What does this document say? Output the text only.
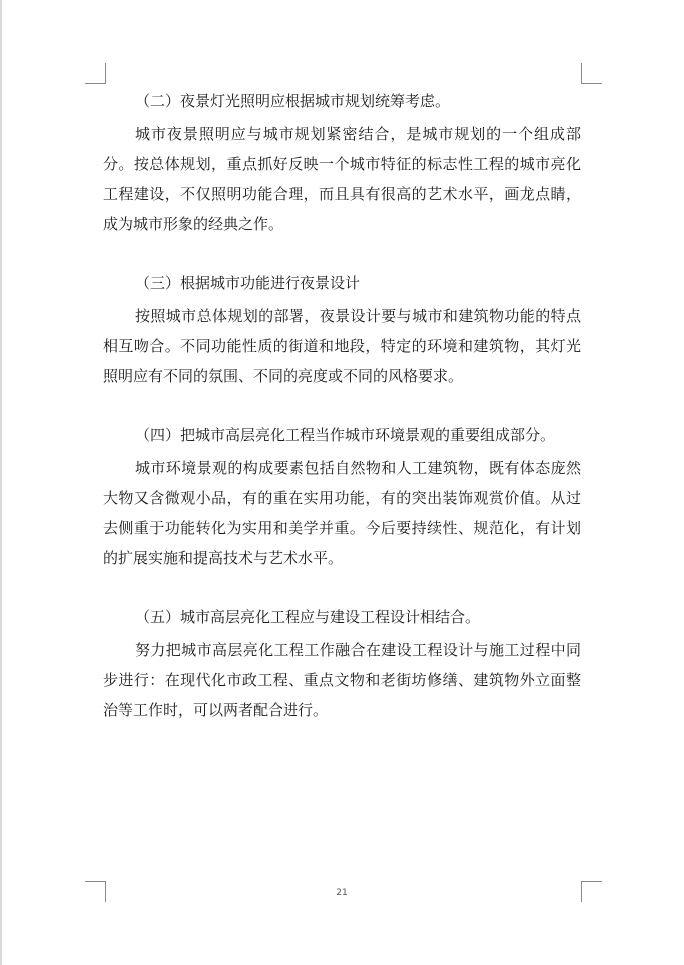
（二）夜景灯光照明应根据城市规划统筹考虑。

城市夜景照明应与城市规划紧密结合，是城市规划的一个组成部分。按总体规划，重点抓好反映一个城市特征的标志性工程的城市亮化工程建设，不仅照明功能合理，而且具有很高的艺术水平，画龙点睛，成为城市形象的经典之作。

（三）根据城市功能进行夜景设计

按照城市总体规划的部署，夜景设计要与城市和建筑物功能的特点相互吻合。不同功能性质的街道和地段，特定的环境和建筑物，其灯光照明应有不同的氛围、不同的亮度或不同的风格要求。

（四）把城市高层亮化工程当作城市环境景观的重要组成部分。

城市环境景观的构成要素包括自然物和人工建筑物，既有体态庞然大物又含微观小品，有的重在实用功能，有的突出装饰观赏价值。从过去侧重于功能转化为实用和美学并重。今后要持续性、规范化，有计划的扩展实施和提高技术与艺术水平。

（五）城市高层亮化工程应与建设工程设计相结合。

努力把城市高层亮化工程工作融合在建设工程设计与施工过程中同步进行：在现代化市政工程、重点文物和老街坊修缮、建筑物外立面整治等工作时，可以两者配合进行。

21
